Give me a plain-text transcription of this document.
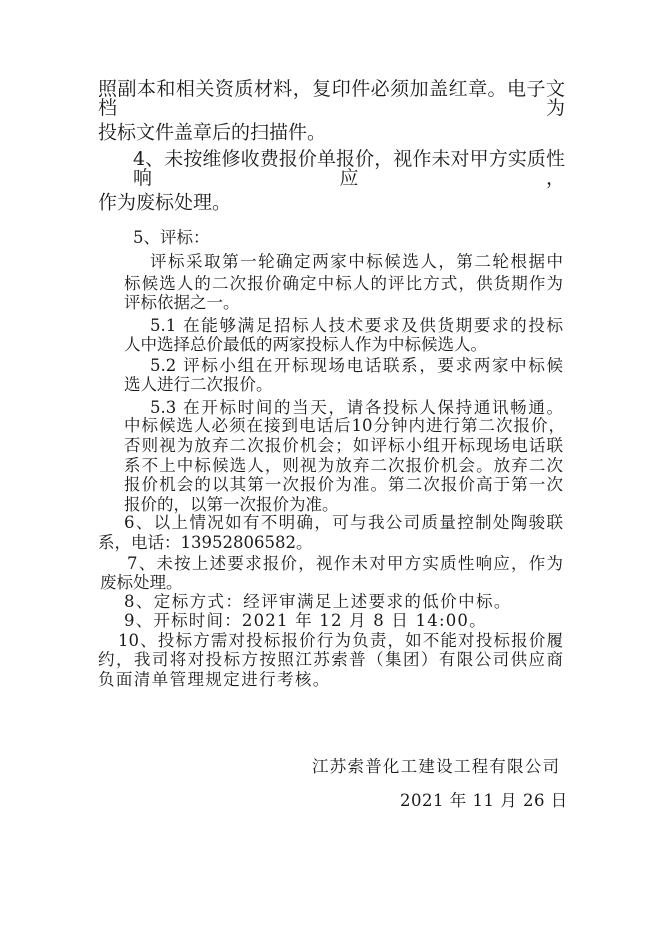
照副本和相关资质材料，复印件必须加盖红章。电子文档为
投标文件盖章后的扫描件。
4、未按维修收费报价单报价，视作未对甲方实质性响应，
作为废标处理。
5、评标：
评标采取第一轮确定两家中标候选人，第二轮根据中
标候选人的二次报价确定中标人的评比方式，供货期作为
评标依据之一。
5.1 在能够满足招标人技术要求及供货期要求的投标
人中选择总价最低的两家投标人作为中标候选人。
5.2 评标小组在开标现场电话联系，要求两家中标候
选人进行二次报价。
5.3 在开标时间的当天，请各投标人保持通讯畅通。
中标候选人必须在接到电话后10分钟内进行第二次报价，
否则视为放弃二次报价机会；如评标小组开标现场电话联
系不上中标候选人，则视为放弃二次报价机会。放弃二次
报价机会的以其第一次报价为准。第二次报价高于第一次
报价的，以第一次报价为准。
6、以上情况如有不明确，可与我公司质量控制处陶骏联
系，电话：13952806582。
7、未按上述要求报价，视作未对甲方实质性响应，作为
废标处理。
8、定标方式：经评审满足上述要求的低价中标。
9、开标时间：2021 年 12 月 8 日 14:00。
10、投标方需对投标报价行为负责，如不能对投标报价履
约，我司将对投标方按照江苏索普（集团）有限公司供应商
负面清单管理规定进行考核。
江苏索普化工建设工程有限公司
2021 年 11 月 26 日
